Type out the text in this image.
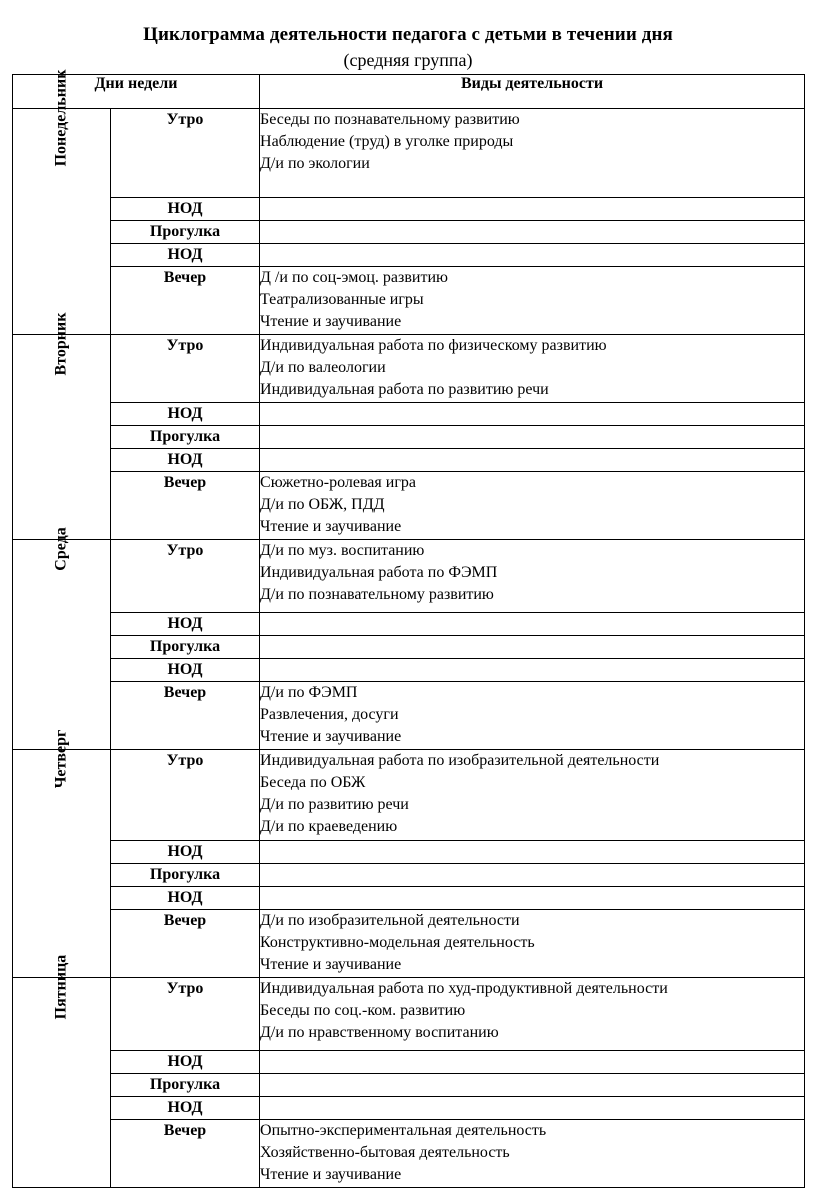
Циклограмма деятельности педагога с детьми в течении дня
(средняя группа)
Дни недели		Виды деятельности
Понедельник	Утро	Беседы по познавательному развитию
Наблюдение (труд) в уголке природы
Д/и по экологии

	НОД	
	Прогулка	
	НОД	
	Вечер	Д /и по соц-эмоц. развитию
Театрализованные игры
Чтение и заучивание

Вторник	Утро	Индивидуальная работа по физическому развитию
Д/и по валеологии
Индивидуальная работа по развитию речи

	НОД	
	Прогулка	
	НОД	
	Вечер	Сюжетно-ролевая игра
Д/и по ОБЖ, ПДД
Чтение и заучивание

Среда	Утро	Д/и по муз. воспитанию
Индивидуальная работа по ФЭМП
Д/и по познавательному развитию

	НОД	
	Прогулка	
	НОД	
	Вечер	Д/и по ФЭМП
Развлечения, досуги
Чтение и заучивание

Четверг	Утро	Индивидуальная работа по изобразительной деятельности
Беседа по ОБЖ
Д/и по развитию речи
Д/и по краеведению

	НОД	
	Прогулка	
	НОД	
	Вечер	Д/и по изобразительной деятельности
Конструктивно-модельная деятельность
Чтение и заучивание

Пятница	Утро	Индивидуальная работа по худ-продуктивной деятельности
Беседы по соц.-ком. развитию
Д/и по нравственному воспитанию

	НОД	
	Прогулка	
	НОД	
	Вечер	Опытно-экспериментальная деятельность
Хозяйственно-бытовая деятельность
Чтение и заучивание
